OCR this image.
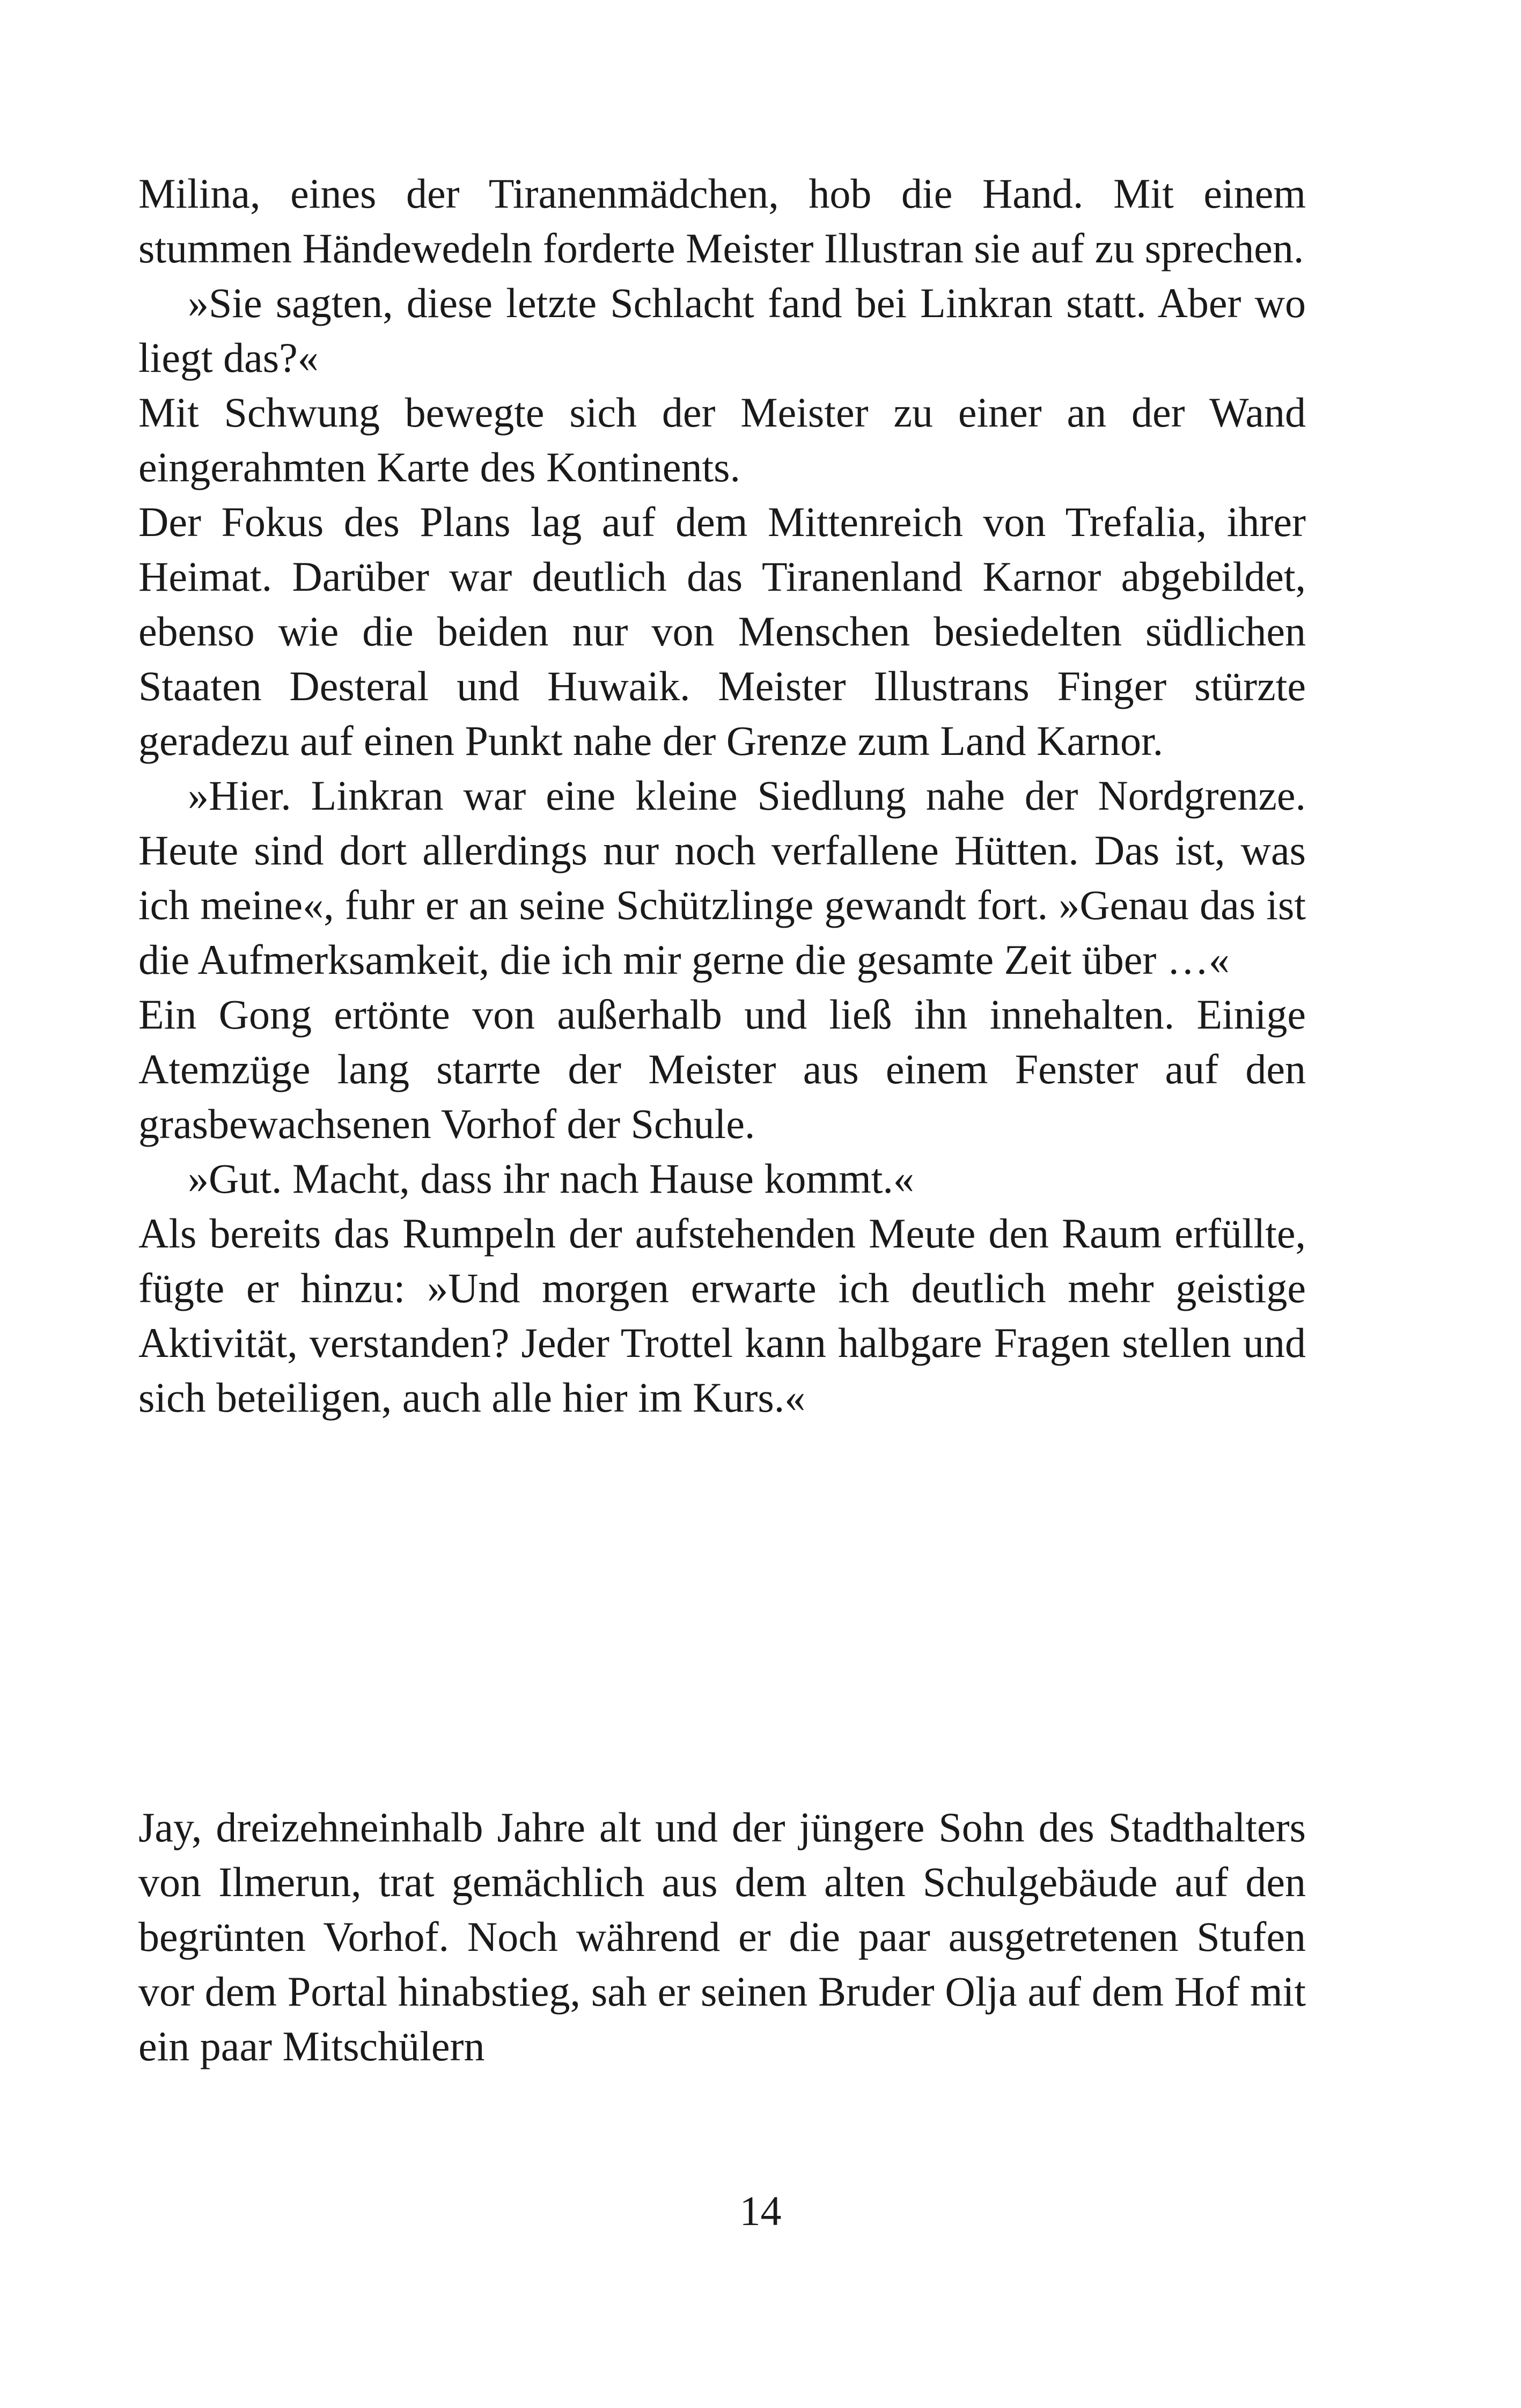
Milina, eines der Tiranenmädchen, hob die Hand. Mit einem stummen Händewedeln forderte Meister Illustran sie auf zu sprechen.

»Sie sagten, diese letzte Schlacht fand bei Linkran statt. Aber wo liegt das?«

Mit Schwung bewegte sich der Meister zu einer an der Wand eingerahmten Karte des Kontinents.

Der Fokus des Plans lag auf dem Mittenreich von Trefalia, ihrer Heimat. Darüber war deutlich das Tiranenland Karnor abgebildet, ebenso wie die beiden nur von Menschen besiedelten südlichen Staaten Desteral und Huwaik. Meister Illustrans Finger stürzte geradezu auf einen Punkt nahe der Grenze zum Land Karnor.

»Hier. Linkran war eine kleine Siedlung nahe der Nordgrenze. Heute sind dort allerdings nur noch verfallene Hütten. Das ist, was ich meine«, fuhr er an seine Schützlinge gewandt fort. »Genau das ist die Aufmerksamkeit, die ich mir gerne die gesamte Zeit über …«

Ein Gong ertönte von außerhalb und ließ ihn innehalten. Einige Atemzüge lang starrte der Meister aus einem Fenster auf den grasbewachsenen Vorhof der Schule.

»Gut. Macht, dass ihr nach Hause kommt.«

Als bereits das Rumpeln der aufstehenden Meute den Raum erfüllte, fügte er hinzu: »Und morgen erwarte ich deutlich mehr geistige Aktivität, verstanden? Jeder Trottel kann halbgare Fragen stellen und sich beteiligen, auch alle hier im Kurs.«

Jay, dreizehneinhalb Jahre alt und der jüngere Sohn des Stadthalters von Ilmerun, trat gemächlich aus dem alten Schulgebäude auf den begrünten Vorhof. Noch während er die paar ausgetretenen Stufen vor dem Portal hinabstieg, sah er seinen Bruder Olja auf dem Hof mit ein paar Mitschülern

14
